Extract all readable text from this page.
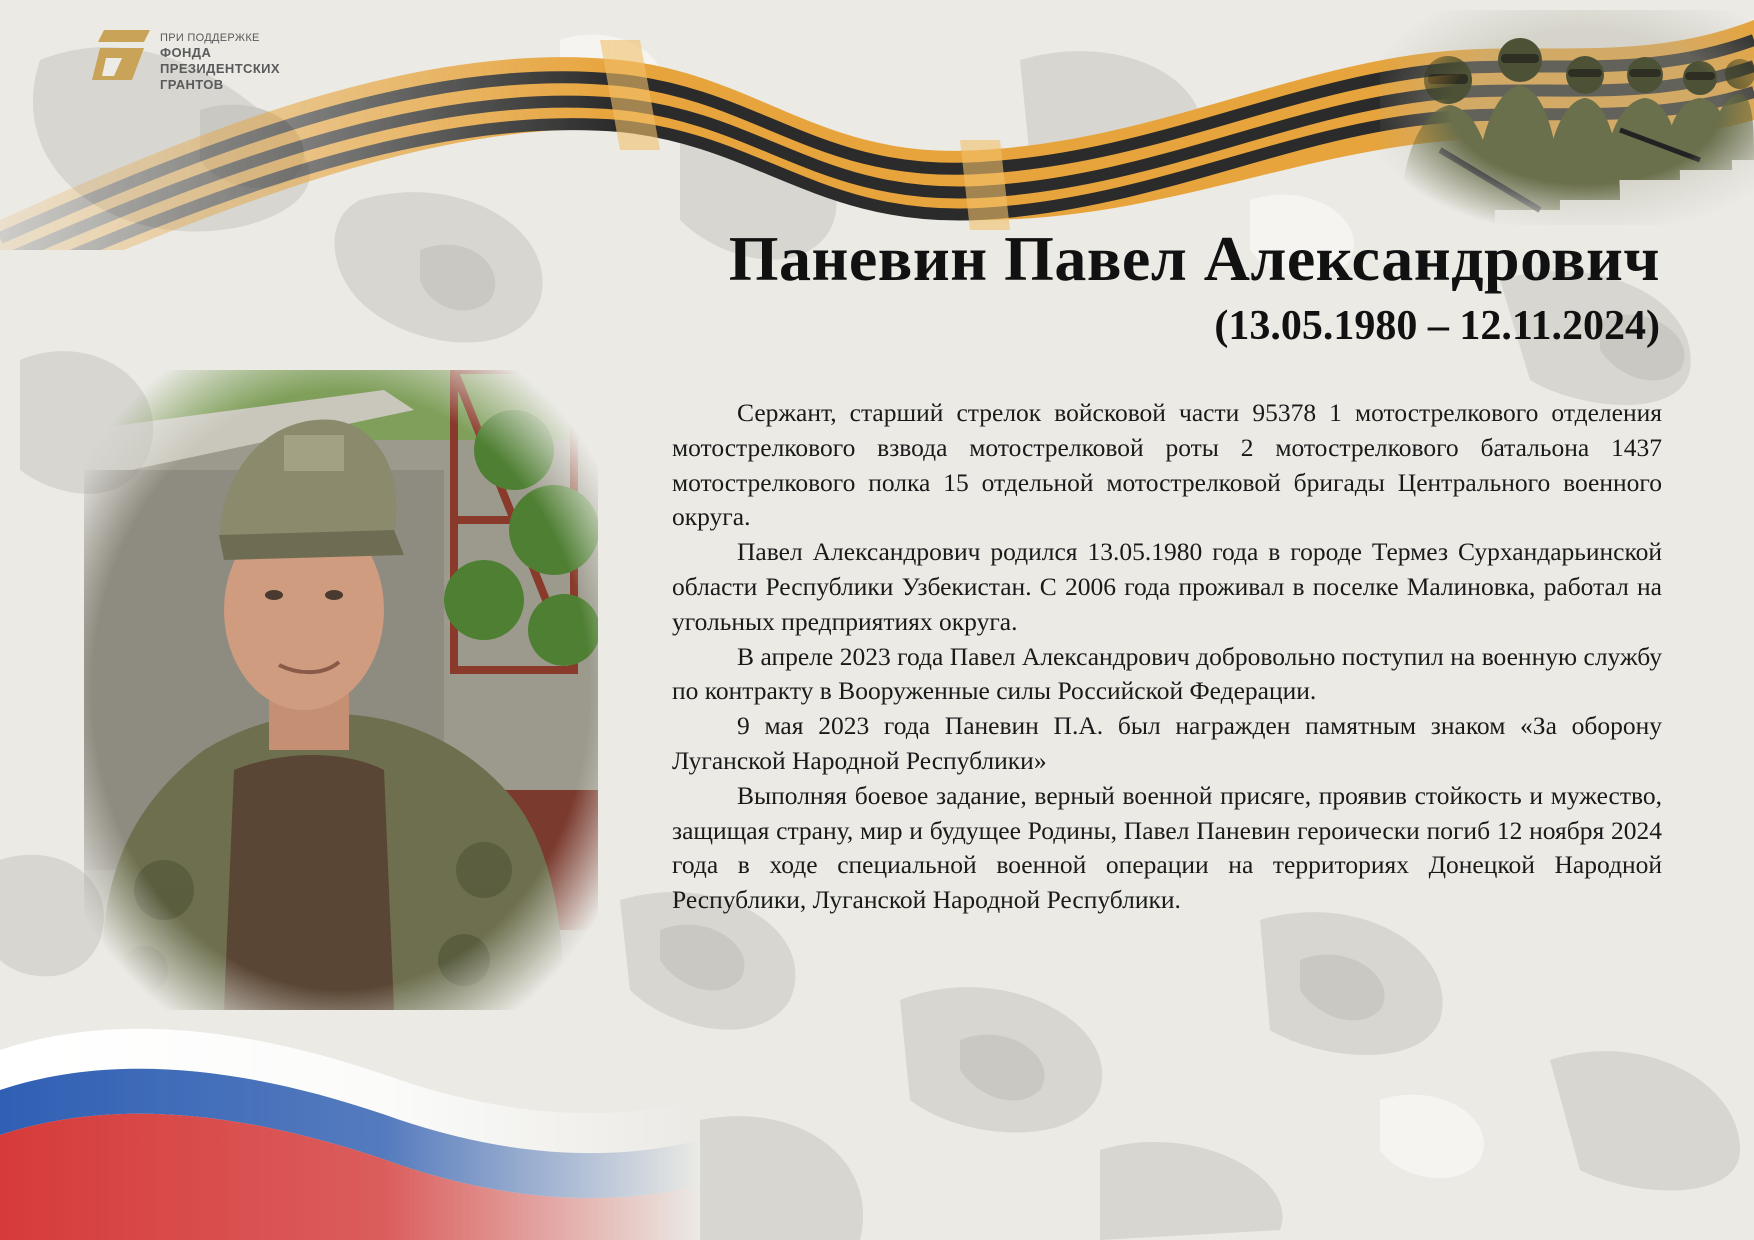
ПРИ ПОДДЕРЖКЕ
ФОНДА
ПРЕЗИДЕНТСКИХ
ГРАНТОВ
Паневин Павел Александрович
(13.05.1980 – 12.11.2024)

Сержант, старший стрелок войсковой части 95378 1 мотострелкового отделения мотострелкового взвода мотострелковой роты 2 мотострелкового батальона 1437 мотострелкового полка 15 отдельной мотострелковой бригады Центрального военного округа.

Павел Александрович родился 13.05.1980 года в городе Термез Сурхандарьинской области Республики Узбекистан. С 2006 года проживал в поселке Малиновка, работал на угольных предприятиях округа.

В апреле 2023 года Павел Александрович добровольно поступил на военную службу по контракту в Вооруженные силы Российской Федерации.

9 мая 2023 года Паневин П.А. был награжден памятным знаком «За оборону Луганской Народной Республики»

Выполняя боевое задание, верный военной присяге, проявив стойкость и мужество, защищая страну, мир и будущее Родины, Павел Паневин героически погиб 12 ноября 2024 года в ходе специальной военной операции на территориях Донецкой Народной Республики, Луганской Народной Республики.
